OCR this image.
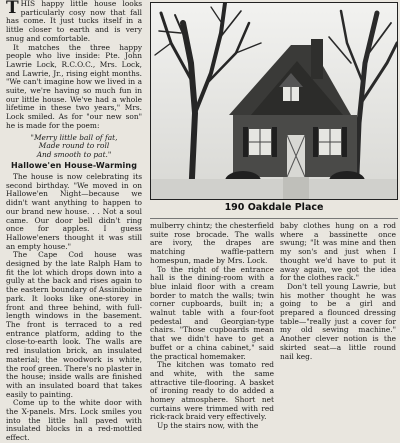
THIS happy little house looks particularly cosy now that fall has come. It just tucks itself in a little closer to earth and is very snug and comfortable.

It matches the three happy people who live inside: Pte. John Lawrie Lock, R.C.O.C., Mrs. Lock, and Lawrie, Jr., rising eight months. "We can't imagine how we lived in a suite, we're having so much fun in our little house. We've had a whole lifetime in these two years," Mrs. Lock smiled. As for "our new son" he is made for the poem:

"Merry little ball of fat,
Made round to roll
And smooth to pat."
Hallowe'en House-Warming

The house is now celebrating its second birthday. "We moved in on Hallowe'en Night—because we didn't want anything to happen to our brand new house. . . Not a soul came. Our door bell didn't ring once for apples. I guess Hallowe'eners thought it was still an empty house."

The Cape Cod house was designed by the late Ralph Ham to fit the lot which drops down into a gully at the back and rises again to the eastern boundary of Assiniboine park. It looks like one-storey in front and three behind, with full-length windows in the basement. The front is terraced to a red entrance platform, adding to the close-to-earth look. The walls are red insulation brick, an insulated material; the woodwork is white, the roof green. There's no plaster in the house; inside walls are finished with an insulated board that takes easily to painting.

Come up to the white door with the X-panels. Mrs. Lock smiles you into the little hall paved with insulated blocks in a red-mottled effect.

190 Oakdale Place

mulberry chintz; the chesterfield suite rose brocade. The walls are ivory, the drapes are matching waffle-pattern homespun, made by Mrs. Lock.

To the right of the entrance hall is the dining-room with a blue inlaid floor with a cream border to match the walls; twin corner cupboards, built in; a walnut table with a four-foot pedestal and Georgian-type chairs. "Those cupboards mean that we didn't have to get a buffet or a china cabinet," said the practical homemaker.

The kitchen was tomato red and white, with the same attractive tile-flooring. A basket of ironing ready to do added a homey atmosphere. Short net curtains were trimmed with red rick-rack braid very effectively.

Up the stairs now, with the

baby clothes hung on a rod where a bassinette once swung; "It was mine and then my son's and just when I thought we'd have to put it away again, we got the idea for the clothes rack."

Don't tell young Lawrie, but his mother thought he was going to be a girl and prepared a flounced dressing table—"really just a cover for my old sewing machine." Another clever notion is the skirted seat—a little round nail keg.
